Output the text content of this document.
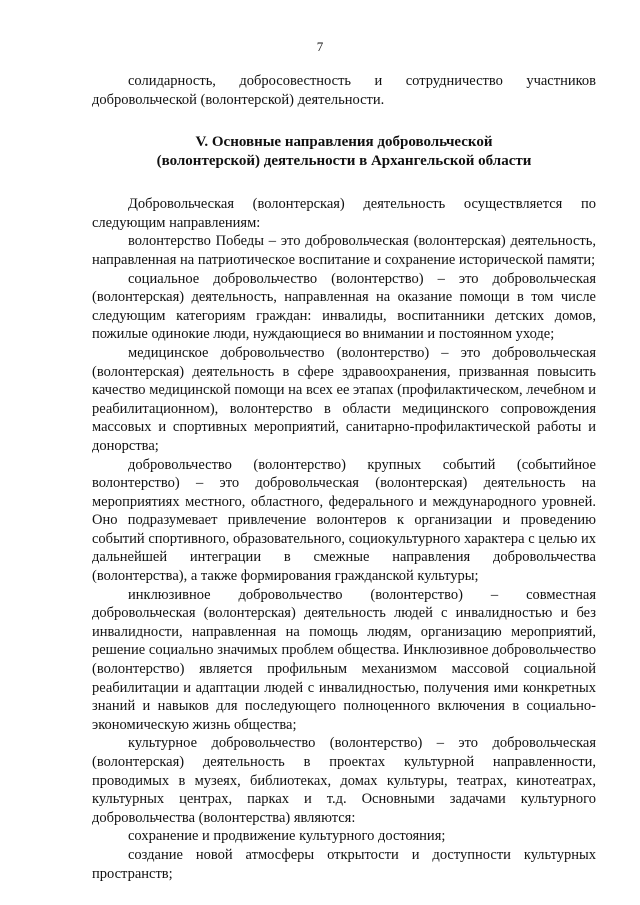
7

солидарность, добросовестность и сотрудничество участников добровольческой (волонтерской) деятельности.

V. Основные направления добровольческой
(волонтерской) деятельности в Архангельской области

Добровольческая (волонтерская) деятельность осуществляется по следующим направлениям:

волонтерство Победы – это добровольческая (волонтерская) деятельность, направленная на патриотическое воспитание и сохранение исторической памяти;

социальное добровольчество (волонтерство) – это добровольческая (волонтерская) деятельность, направленная на оказание помощи в том числе следующим категориям граждан: инвалиды, воспитанники детских домов, пожилые одинокие люди, нуждающиеся во внимании и постоянном уходе;

медицинское добровольчество (волонтерство) – это добровольческая (волонтерская) деятельность в сфере здравоохранения, призванная повысить качество медицинской помощи на всех ее этапах (профилактическом, лечебном и реабилитационном), волонтерство в области медицинского сопровождения массовых и спортивных мероприятий, санитарно-профилактической работы и донорства;

добровольчество (волонтерство) крупных событий (событийное волонтерство) – это добровольческая (волонтерская) деятельность на мероприятиях местного, областного, федерального и международного уровней. Оно подразумевает привлечение волонтеров к организации и проведению событий спортивного, образовательного, социокультурного характера с целью их дальнейшей интеграции в смежные направления добровольчества (волонтерства), а также формирования гражданской культуры;

инклюзивное добровольчество (волонтерство) – совместная добровольческая (волонтерская) деятельность людей с инвалидностью и без инвалидности, направленная на помощь людям, организацию мероприятий, решение социально значимых проблем общества. Инклюзивное добровольчество (волонтерство) является профильным механизмом массовой социальной реабилитации и адаптации людей с инвалидностью, получения ими конкретных знаний и навыков для последующего полноценного включения в социально-экономическую жизнь общества;

культурное добровольчество (волонтерство) – это добровольческая (волонтерская) деятельность в проектах культурной направленности, проводимых в музеях, библиотеках, домах культуры, театрах, кинотеатрах, культурных центрах, парках и т.д. Основными задачами культурного добровольчества (волонтерства) являются:

сохранение и продвижение культурного достояния;

создание новой атмосферы открытости и доступности культурных пространств;
